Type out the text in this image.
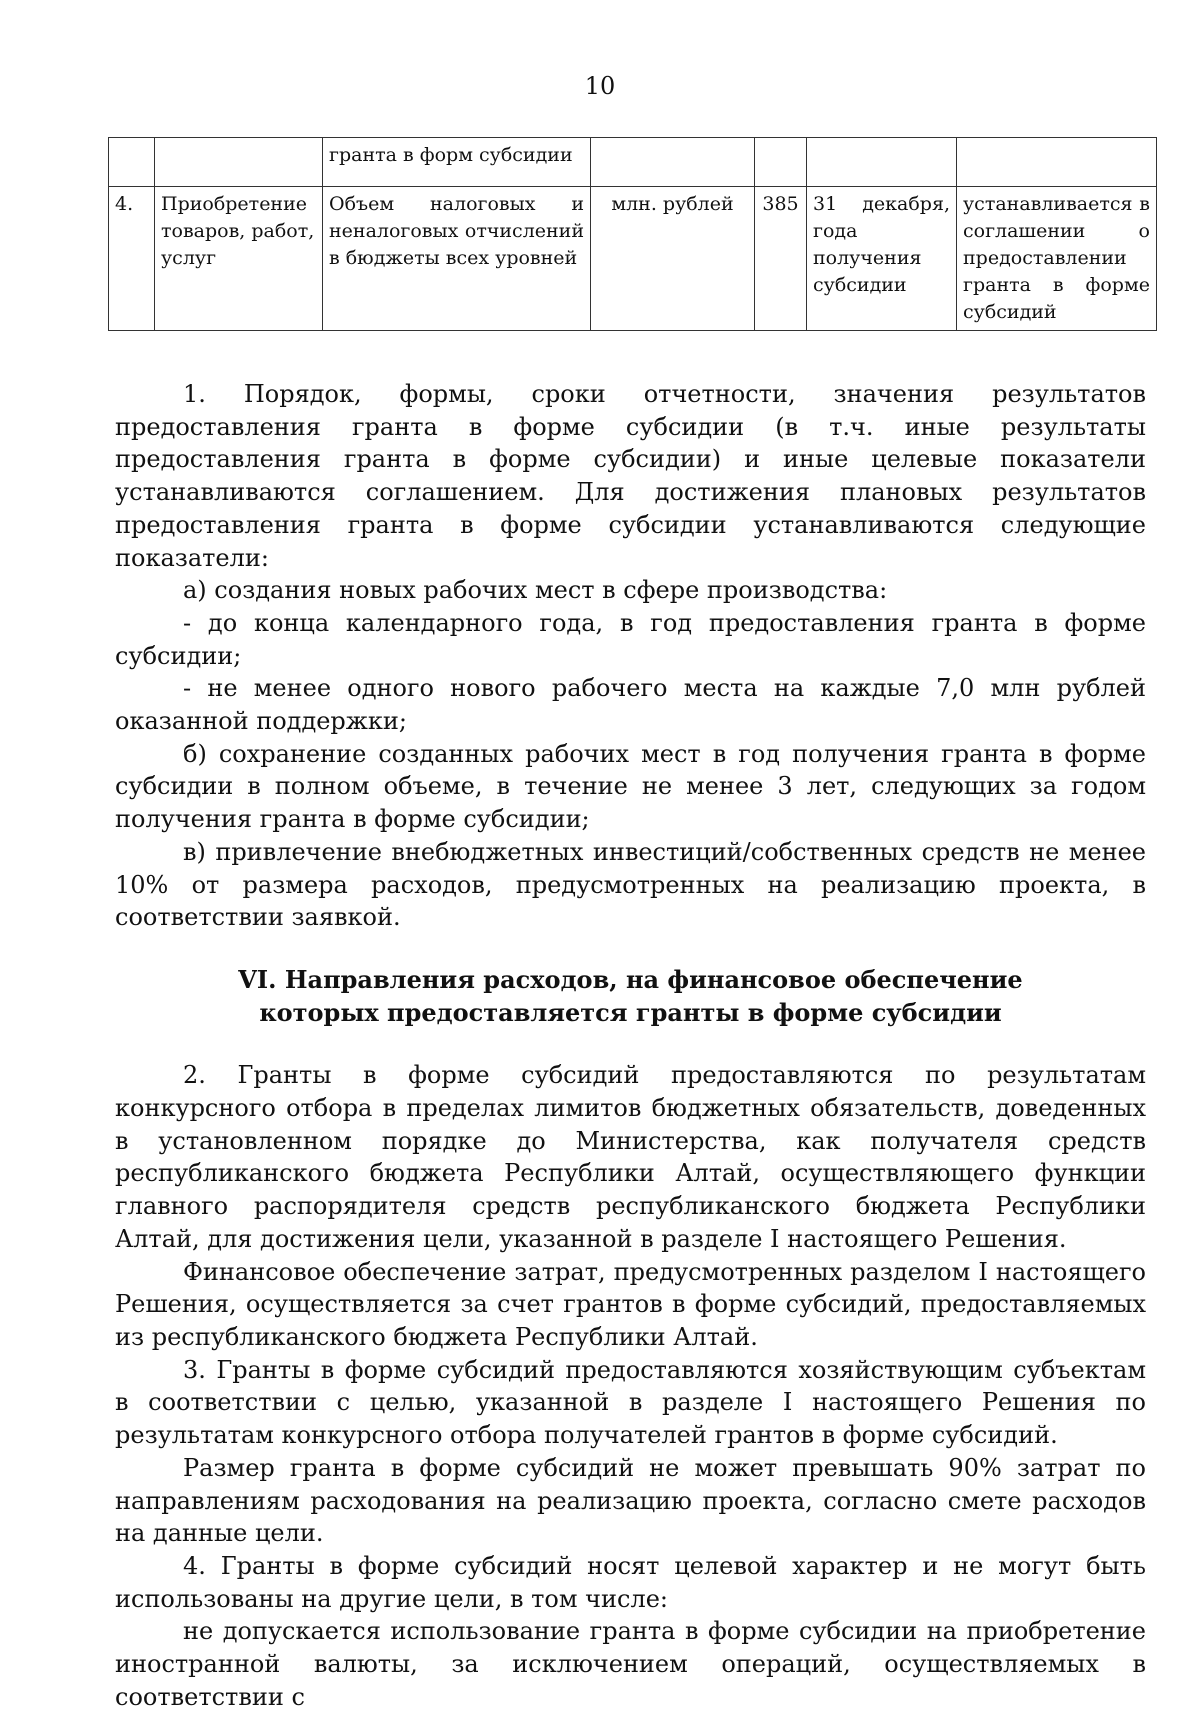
10
		гранта в форм субсидии				
4.	Приобретение товаров, работ, услуг	Объем налоговых и неналоговых отчислений в бюджеты всех уровней	млн. рублей	385	31 декабря, года получения субсидии	устанавливается в соглашении о предоставлении гранта в форме субсидий

1. Порядок, формы, сроки отчетности, значения результатов предоставления гранта в форме субсидии (в т.ч. иные результаты предоставления гранта в форме субсидии) и иные целевые показатели устанавливаются соглашением. Для достижения плановых результатов предоставления гранта в форме субсидии устанавливаются следующие показатели:

а) создания новых рабочих мест в сфере производства:

- до конца календарного года, в год предоставления гранта в форме субсидии;

- не менее одного нового рабочего места на каждые 7,0 млн рублей оказанной поддержки;

б) сохранение созданных рабочих мест в год получения гранта в форме субсидии в полном объеме, в течение не менее 3 лет, следующих за годом получения гранта в форме субсидии;

в) привлечение внебюджетных инвестиций/собственных средств не менее 10% от размера расходов, предусмотренных на реализацию проекта, в соответствии заявкой.

VI. Направления расходов, на финансовое обеспечение которых предоставляется гранты в форме субсидии

2. Гранты в форме субсидий предоставляются по результатам конкурсного отбора в пределах лимитов бюджетных обязательств, доведенных в установленном порядке до Министерства, как получателя средств республиканского бюджета Республики Алтай, осуществляющего функции главного распорядителя средств республиканского бюджета Республики Алтай, для достижения цели, указанной в разделе I настоящего Решения.

Финансовое обеспечение затрат, предусмотренных разделом I настоящего Решения, осуществляется за счет грантов в форме субсидий, предоставляемых из республиканского бюджета Республики Алтай.

3. Гранты в форме субсидий предоставляются хозяйствующим субъектам в соответствии с целью, указанной в разделе I настоящего Решения по результатам конкурсного отбора получателей грантов в форме субсидий.

Размер гранта в форме субсидий не может превышать 90% затрат по направлениям расходования на реализацию проекта, согласно смете расходов на данные цели.

4. Гранты в форме субсидий носят целевой характер и не могут быть использованы на другие цели, в том числе:

не допускается использование гранта в форме субсидии на приобретение иностранной валюты, за исключением операций, осуществляемых в соответствии с
